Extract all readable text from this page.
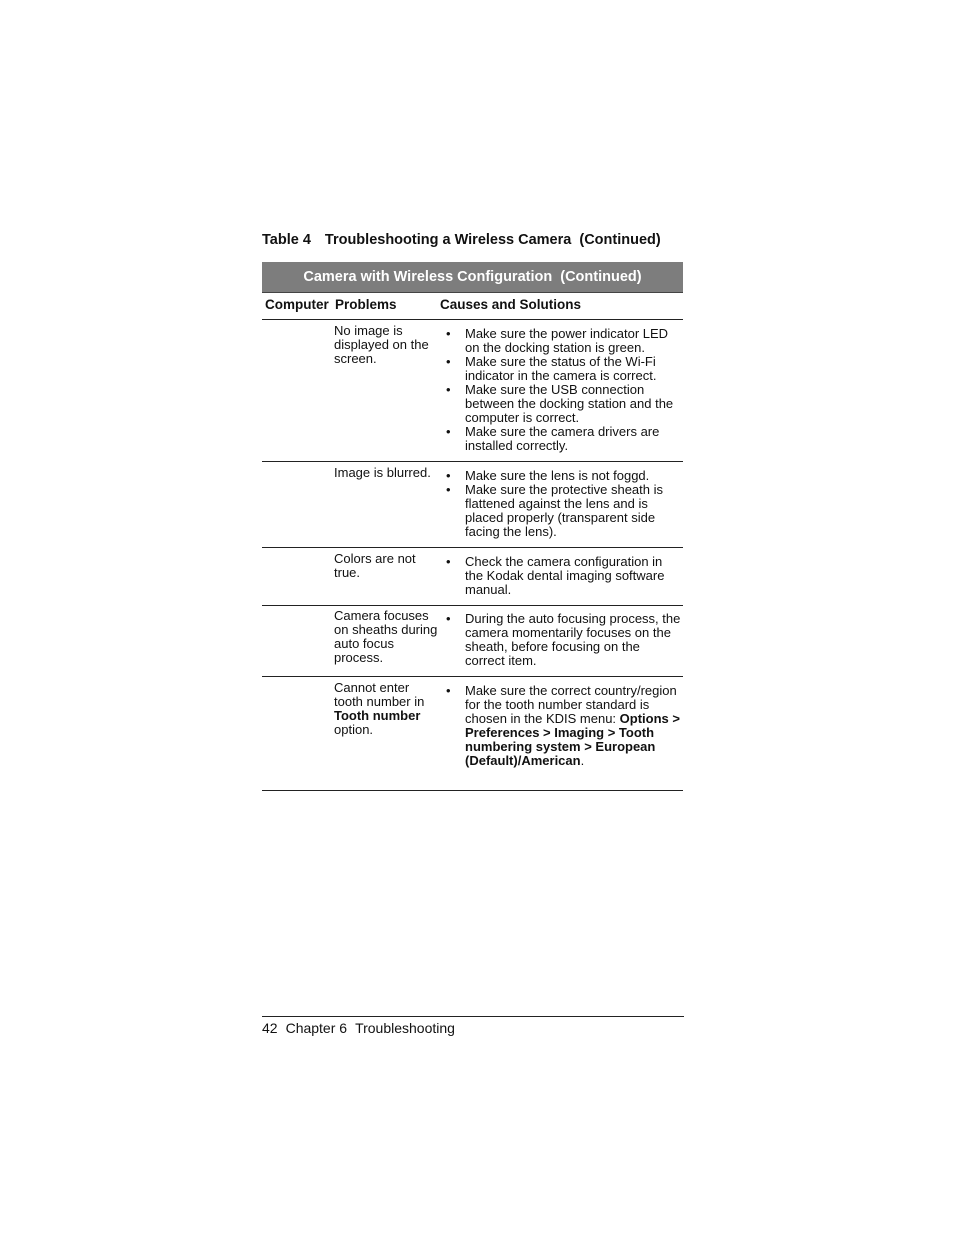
Table 4 Troubleshooting a Wireless Camera  (Continued)
Camera with Wireless Configuration  (Continued)
Computer Problems	Causes and Solutions
No image is displayed on the screen.
• Make sure the power indicator LED on the docking station is green.
• Make sure the status of the Wi-Fi indicator in the camera is correct.
• Make sure the USB connection between the docking station and the computer is correct.
• Make sure the camera drivers are installed correctly.
Image is blurred.
•	Make sure the lens is not foggd.
• Make sure the protective sheath is flattened against the lens and is placed properly (transparent side facing the lens).
Colors are not true.
• Check the camera configuration in the Kodak dental imaging software manual.
Camera focuses on sheaths during auto focus process.
• During the auto focusing process, the camera momentarily focuses on the sheath, before focusing on the correct item.
Cannot enter tooth number in Tooth number option.
• Make sure the correct country/region for the tooth number standard is chosen in the KDIS menu: Options > Preferences > Imaging > Tooth numbering system > European (Default)/American.
42 Chapter 6 Troubleshooting
